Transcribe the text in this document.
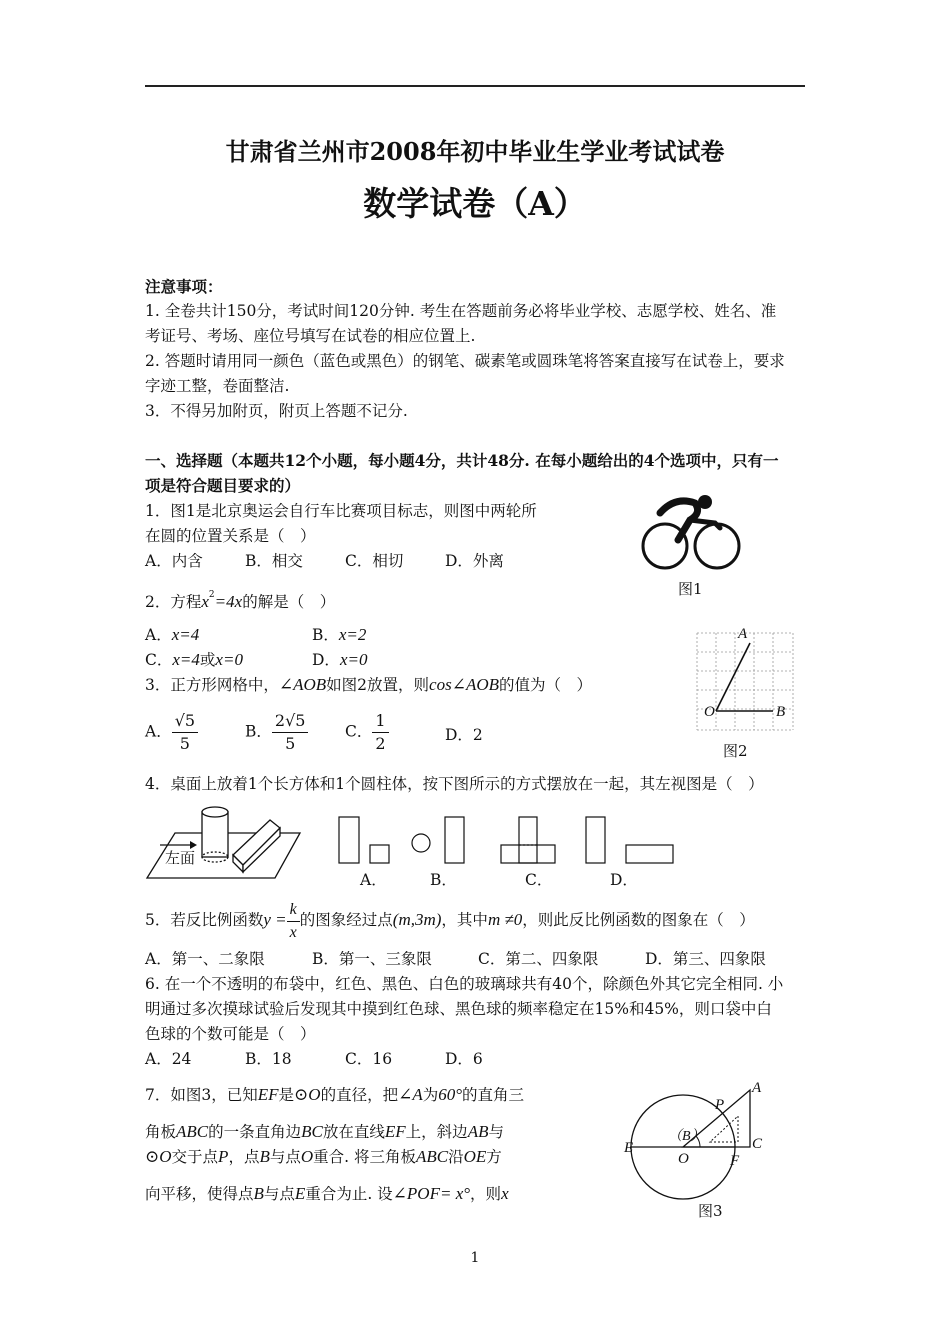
甘肃省兰州市2008年初中毕业生学业考试试卷
数学试卷（A）
注意事项：
1. 全卷共计150分，考试时间120分钟. 考生在答题前务必将毕业学校、志愿学校、姓名、准
考证号、考场、座位号填写在试卷的相应位置上.
2. 答题时请用同一颜色（蓝色或黑色）的钢笔、碳素笔或圆珠笔将答案直接写在试卷上，要求
字迹工整，卷面整洁.
3．不得另加附页，附页上答题不记分.
一、选择题（本题共12个小题，每小题4分，共计48分. 在每小题给出的4个选项中，只有一
项是符合题目要求的）
1．图1是北京奥运会自行车比赛项目标志，则图中两轮所
在圆的位置关系是（　）
A．内含	B．相交	C．相切	D．外离
图1
2．方程$x^2=4x$的解是（　）
A．x=4	B．x=2
C．x=4或x=0	D．x=0
A
O	B
图2
3．正方形网格中，∠AOB如图2放置，则cos∠AOB的值为（　）
A． $\frac{√5}{5}$	B． $\frac{2√5}{5}$ C． $\frac{1}{2}$	D．2
4．桌面上放着1个长方体和1个圆柱体，按下图所示的方式摆放在一起，其左视图是（　）
左面
A．	B．	C．	D．
5．若反比例函数$y = \frac{k}{x}$ 的图象经过点(m,3m)，其中m ≠0，则此反比例函数的图象在（　）
A．第一、二象限	B．第一、三象限	C．第二、四象限	D．第三、四象限
6. 在一个不透明的布袋中，红色、黑色、白色的玻璃球共有40个，除颜色外其它完全相同. 小
明通过多次摸球试验后发现其中摸到红色球、黑色球的频率稳定在15%和45%，则口袋中白
色球的个数可能是（　）
A．24	B．18	C．16	D．6
7．如图3，已知EF是⊙O的直径，把∠A为60°的直角三
角板ABC的一条直角边BC放在直线EF上，斜边AB与
⊙O交于点P，点B与点O重合. 将三角板ABC沿OE方
向平移，使得点B与点E重合为止. 设∠POF= x°，则x
A
P
（B）	C
E
O	F
图3
1
